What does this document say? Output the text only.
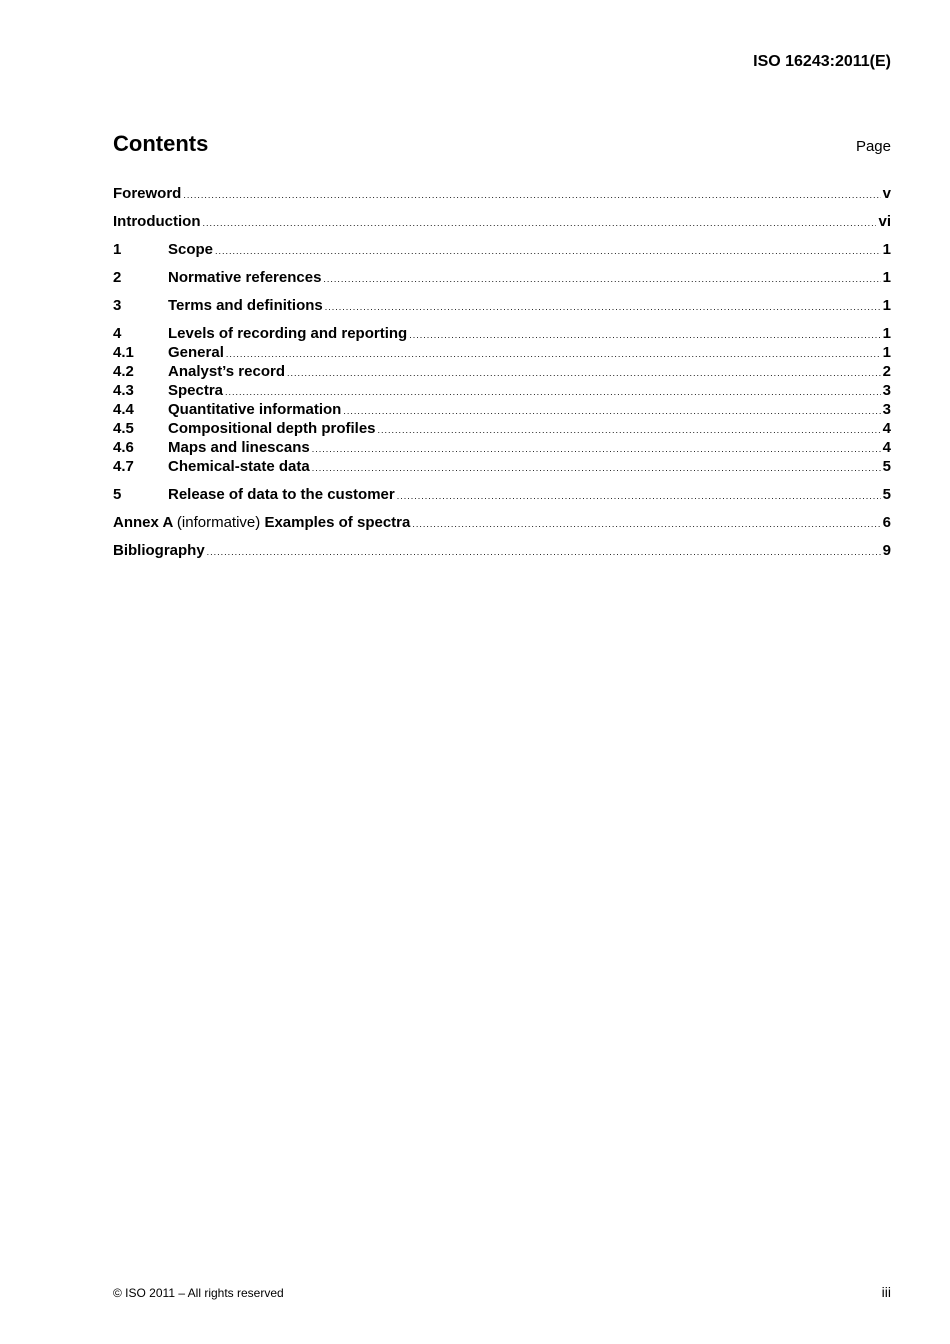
ISO 16243:2011(E)
Contents	Page
Foreword .....	v
Introduction .....	vi
1	Scope .....	1
2	Normative references .....	1
3	Terms and definitions .....	1
4	Levels of recording and reporting .....	1
4.1	General .....	1
4.2	Analyst’s record .....	2
4.3	Spectra .....	3
4.4	Quantitative information .....	3
4.5	Compositional depth profiles .....	4
4.6	Maps and linescans .....	4
4.7	Chemical-state data .....	5
5	Release of data to the customer .....	5
Annex A (informative) Examples of spectra .....	6
Bibliography .....	9
© ISO 2011 – All rights reserved	iii
